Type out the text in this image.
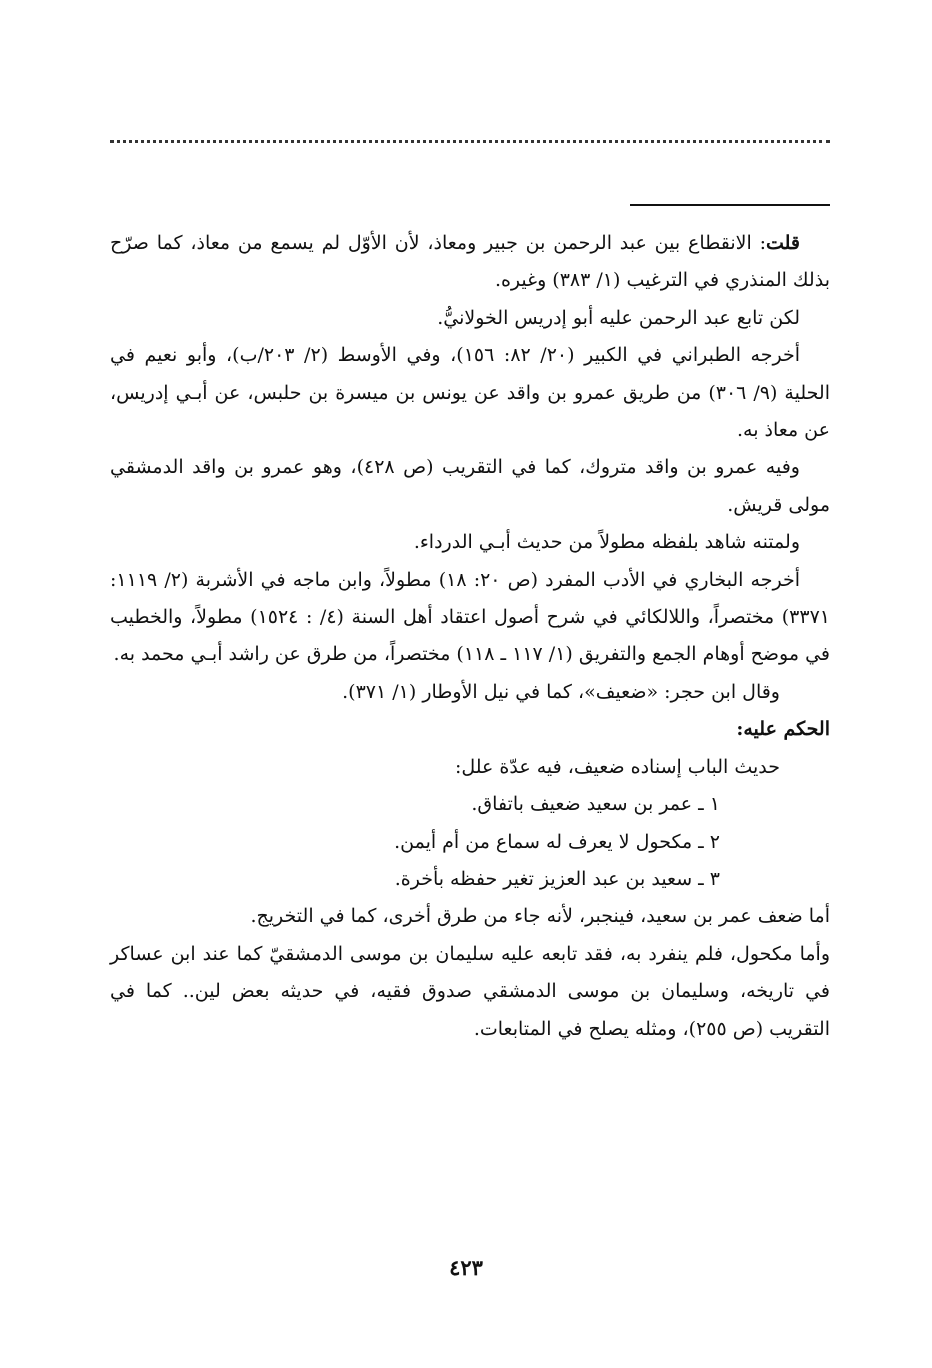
قلت: الانقطاع بين عبد الرحمن بن جبير ومعاذ، لأن الأوّل لم يسمع من معاذ، كما صرّح بذلك المنذري في الترغيب (١/ ٣٨٣) وغيره.

لكن تابع عبد الرحمن عليه أبو إدريس الخولانيُّ.

أخرجه الطبراني في الكبير (٢٠/ ٨٢: ١٥٦)، وفي الأوسط (٢/ ٢٠٣/ب)، وأبو نعيم في الحلية (٩/ ٣٠٦) من طريق عمرو بن واقد عن يونس بن ميسرة بن حلبس، عن أبـي إدريس، عن معاذ به.

وفيه عمرو بن واقد متروك، كما في التقريب (ص ٤٢٨)، وهو عمرو بن واقد الدمشقي مولى قريش.

ولمتنه شاهد بلفظه مطولاً من حديث أبـي الدرداء.

أخرجه البخاري في الأدب المفرد (ص ٢٠: ١٨) مطولاً، وابن ماجه في الأشربة (٢/ ١١١٩: ٣٣٧١) مختصراً، واللالكائي في شرح أصول اعتقاد أهل السنة (٤/ : ١٥٢٤) مطولاً، والخطيب في موضح أوهام الجمع والتفريق (١/ ١١٧ ـ ١١٨) مختصراً، من طرق عن راشد أبـي محمد به.

وقال ابن حجر: «ضعيف»، كما في نيل الأوطار (١/ ٣٧١).

الحكم عليه:

حديث الباب إسناده ضعيف، فيه عدّة علل:

١ ـ عمر بن سعيد ضعيف باتفاق.

٢ ـ مكحول لا يعرف له سماع من أم أيمن.

٣ ـ سعيد بن عبد العزيز تغير حفظه بأخرة.

أما ضعف عمر بن سعيد، فينجبر، لأنه جاء من طرق أخرى، كما في التخريج.

وأما مكحول، فلم ينفرد به، فقد تابعه عليه سليمان بن موسى الدمشقيّ كما عند ابن عساكر في تاريخه، وسليمان بن موسى الدمشقي صدوق فقيه، في حديثه بعض لين.. كما في التقريب (ص ٢٥٥)، ومثله يصلح في المتابعات.

٤٢٣
